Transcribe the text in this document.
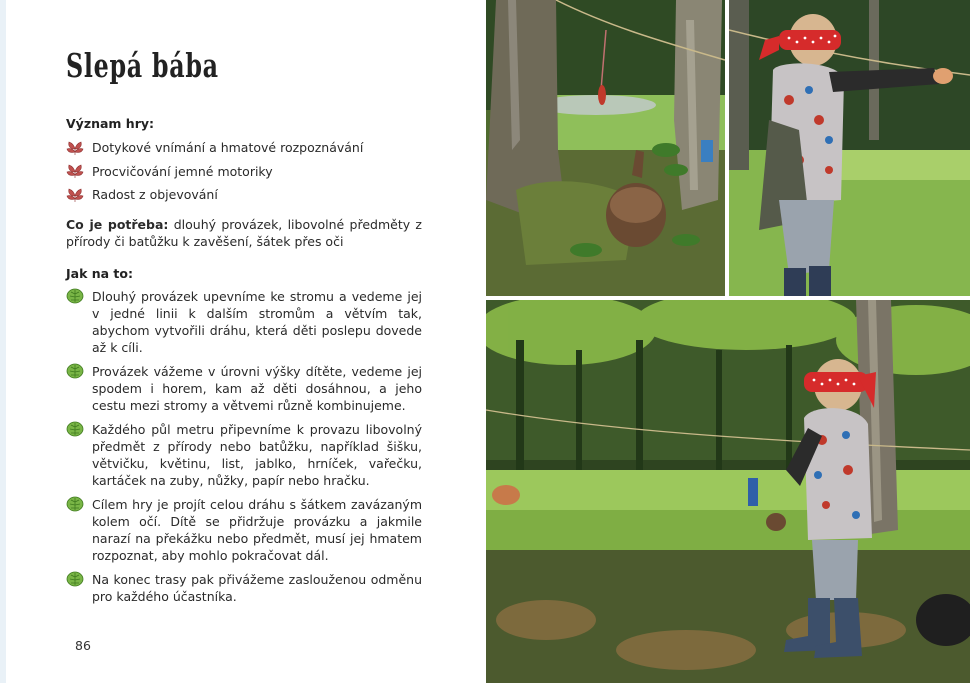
Slepá bába
Význam hry:
Dotykové vnímání a hmatové rozpoznávání
Procvičování jemné motoriky
Radost z objevování
Co je potřeba: dlouhý provázek, libovolné předměty z přírody či batůžku k zavěšení, šátek přes oči
Jak na to:
Dlouhý provázek upevníme ke stromu a vedeme jej v jedné linii k dalším stromům a větvím tak, abychom vytvořili dráhu, která děti poslepu dovede až k cíli.
Provázek vážeme v úrovni výšky dítěte, vedeme jej spodem i horem, kam až děti dosáhnou, a jeho cestu mezi stromy a větvemi různě kombinujeme.
Každého půl metru připevníme k provazu libovolný předmět z přírody nebo batůžku, například šišku, větvičku, květinu, list, jablko, hrníček, vařečku, kartáček na zuby, nůžky, papír nebo hračku.
Cílem hry je projít celou dráhu s šátkem zavázaným kolem očí. Dítě se přidržuje provázku a jakmile narazí na překážku nebo předmět, musí jej hmatem rozpoznat, aby mohlo pokračovat dál.
Na konec trasy pak přivážeme zaslouženou odměnu pro každého účastníka.
86
